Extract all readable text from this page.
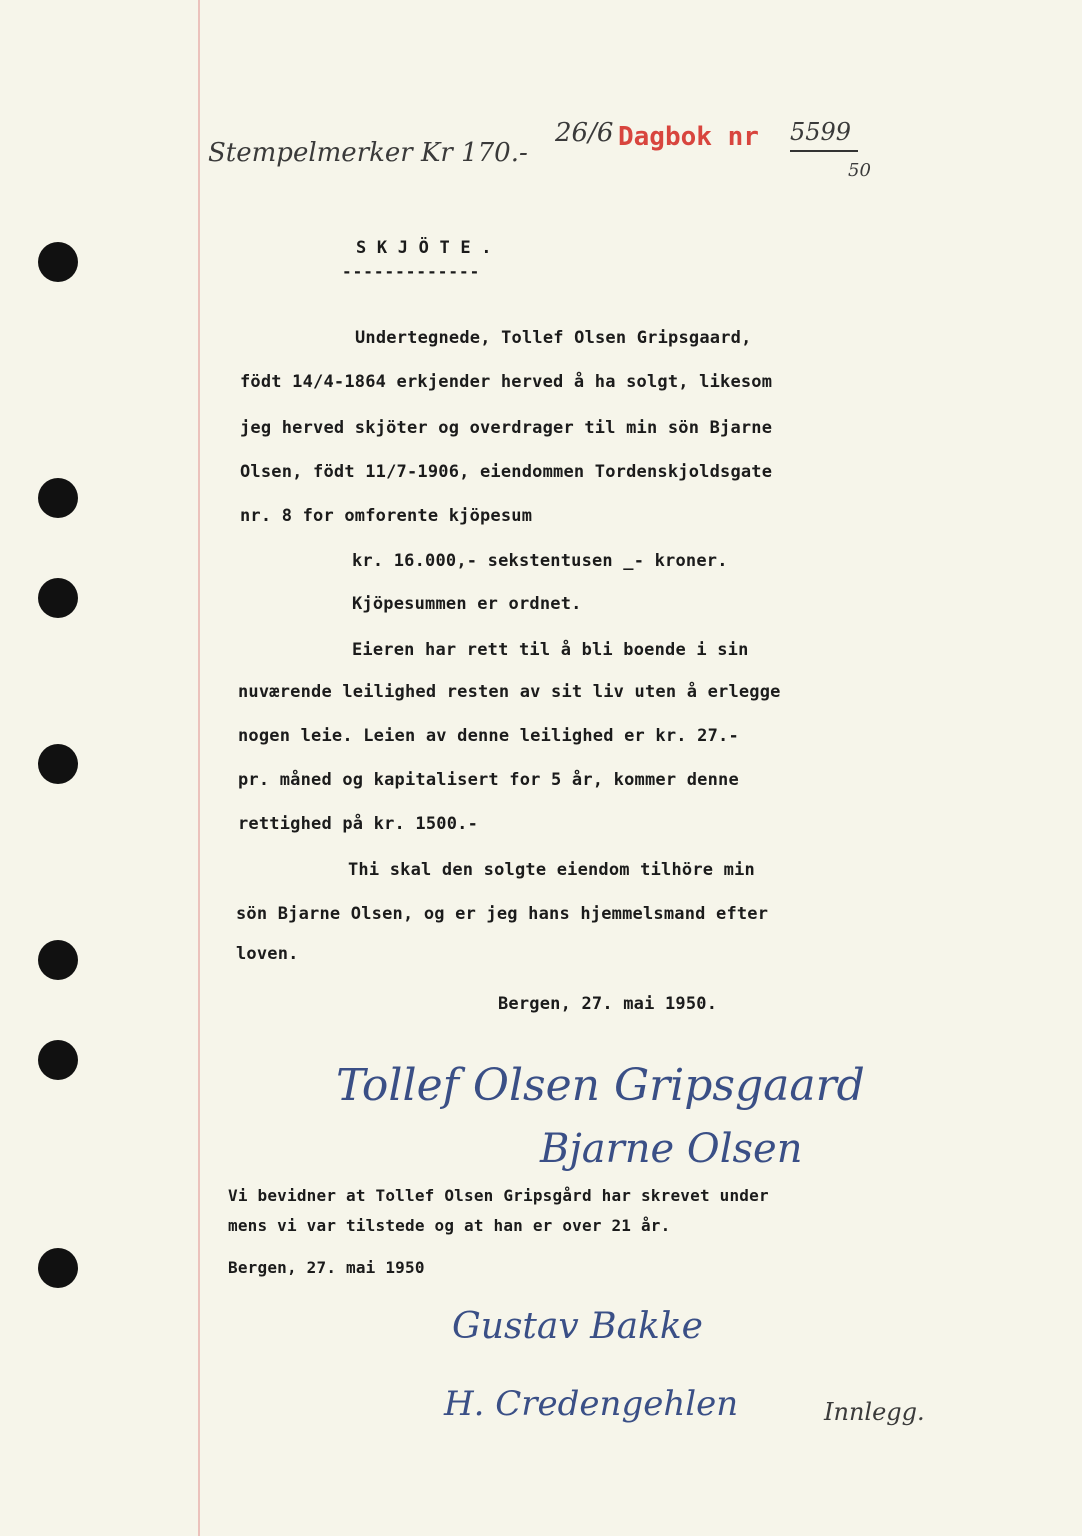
Stempelmerker Kr 170.-
26/6 Dagbok nr 5599
50
S K J Ö T E .
-------------
Undertegnede, Tollef Olsen Gripsgaard,
födt 14/4-1864 erkjender herved å ha solgt, likesom
jeg herved skjöter og overdrager til min sön Bjarne
Olsen, födt 11/7-1906, eiendommen Tordenskjoldsgate
nr. 8 for omforente kjöpesum
kr. 16.000,- sekstentusen _- kroner.
Kjöpesummen er ordnet.
Eieren har rett til å bli boende i sin
nuværende leilighed resten av sit liv uten å erlegge
nogen leie. Leien av denne leilighed er kr. 27.-
pr. måned og kapitalisert for 5 år, kommer denne
rettighed på kr. 1500.-
Thi skal den solgte eiendom tilhöre min
sön Bjarne Olsen, og er jeg hans hjemmelsmand efter
loven.
Bergen, 27. mai 1950.
Tollef Olsen Gripsgaard
Bjarne Olsen
Vi bevidner at Tollef Olsen Gripsgård har skrevet under
mens vi var tilstede og at han er over 21 år.
Bergen, 27. mai 1950
Gustav Bakke
H. Credengehlen	Innlegg.
